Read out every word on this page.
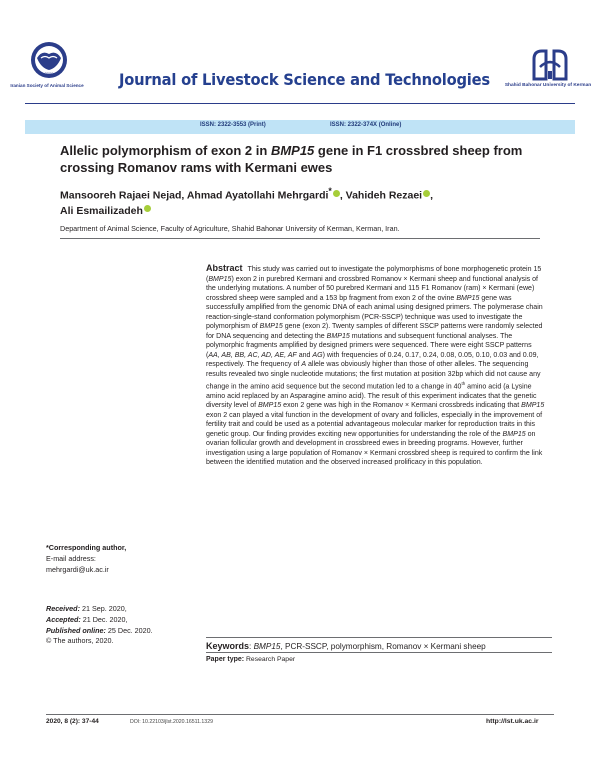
2009
Iranian Society of Animal Science	Journal of Livestock Science and Technologies	Shahid Bahonar University of Kerman
ISSN: 2322-3553 (Print)	ISSN: 2322-374X (Online)
Allelic polymorphism of exon 2 in BMP15 gene in F1 crossbred sheep from crossing Romanov rams with Kermani ewes
Mansooreh Rajaei Nejad, Ahmad Ayatollahi Mehrgardi* , Vahideh Rezaei ,
Ali Esmailizadeh
Department of Animal Science, Faculty of Agriculture, Shahid Bahonar University of Kerman, Kerman, Iran.

Abstract This study was carried out to investigate the polymorphisms of bone morphogenetic protein 15 (BMP15) exon 2 in purebred Kermani and crossbred Romanov × Kermani sheep and functional analysis of the underlying mutations. A number of 50 purebred Kermani and 115 F1 Romanov (ram) × Kermani (ewe) crossbred sheep were sampled and a 153 bp fragment from exon 2 of the ovine BMP15 gene was successfully amplified from the genomic DNA of each animal using designed primers. The polymerase chain reaction-single-stand conformation polymorphism (PCR-SSCP) technique was used to investigate the polymorphism of BMP15 gene (exon 2). Twenty samples of different SSCP patterns were randomly selected for DNA sequencing and detecting the BMP15 mutations and subsequent functional analyses. The polymorphic fragments amplified by designed primers were sequenced. There were eight SSCP patterns (AA, AB, BB, AC, AD, AE, AF and AG) with frequencies of 0.24, 0.17, 0.24, 0.08, 0.05, 0.10, 0.03 and 0.09, respectively. The frequency of A allele was obviously higher than those of other alleles. The sequencing results revealed two single nucleotide mutations; the first mutation at position 32bp which did not cause any change in the amino acid sequence but the second mutation led to a change in 40th amino acid (a Lysine amino acid replaced by an Asparagine amino acid). The result of this experiment indicates that the genetic diversity level of BMP15 exon 2 gene was high in the Romanov × Kermani crossbreds indicating that BMP15 exon 2 can played a vital function in the development of ovary and follicles, especially in the improvement of fertility trait and could be used as a potential advantageous molecular marker for reproduction traits in this genetic group. Our finding provides exciting new opportunities for understanding the role of the BMP15 on ovarian follicular growth and development in crossbreed ewes in breeding programs. However, further investigation using a large population of Romanov × Kermani crossbred sheep is required to confirm the link between the identified mutation and the observed increased prolificacy in this population.

Keywords: BMP15, PCR-SSCP, polymorphism, Romanov × Kermani sheep
Paper type: Research Paper
*Corresponding author,
E-mail address:
mehrgardi@uk.ac.ir
Received: 21 Sep. 2020,
Accepted: 21 Dec. 2020,
Published online: 25 Dec. 2020.
© The authors, 2020.
2020, 8 (2): 37-44	DOI: 10.22103/jlst.2020.16511.1329	http://lst.uk.ac.ir
